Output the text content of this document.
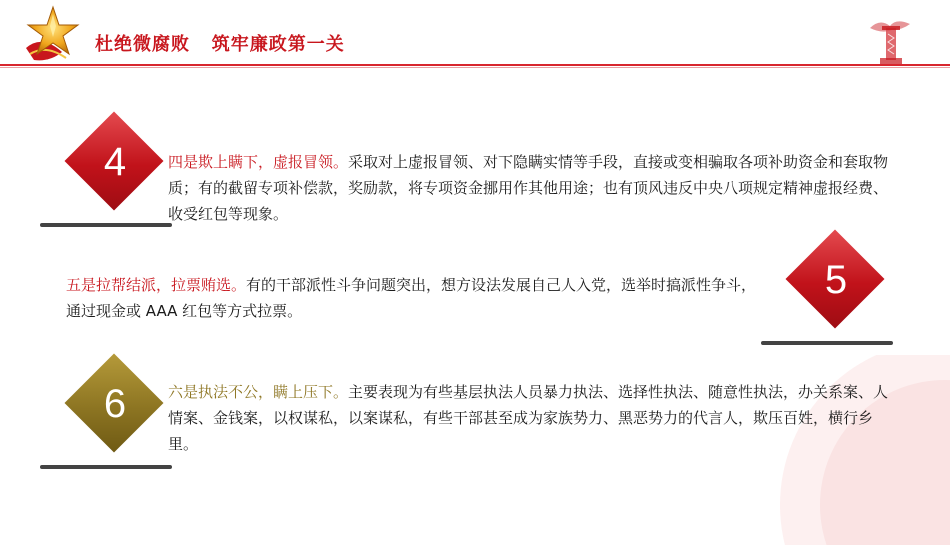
杜绝微腐败   筑牢廉政第一关
4	四是欺上瞒下，虚报冒领。采取对上虚报冒领、对下隐瞒实情等手段，直接或变相骗取各项补助资金和套取物质；有的截留专项补偿款，奖励款，将专项资金挪用作其他用途；也有顶风违反中央八项规定精神虚报经费、收受红包等现象。
五是拉帮结派，拉票贿选。有的干部派性斗争问题突出，想方设法发展自己人入党，选举时搞派性争斗，通过现金或 AAA 红包等方式拉票。
5
6	六是执法不公，瞒上压下。主要表现为有些基层执法人员暴力执法、选择性执法、随意性执法，办关系案、人情案、金钱案，以权谋私，以案谋私，有些干部甚至成为家族势力、黑恶势力的代言人，欺压百姓，横行乡里。
